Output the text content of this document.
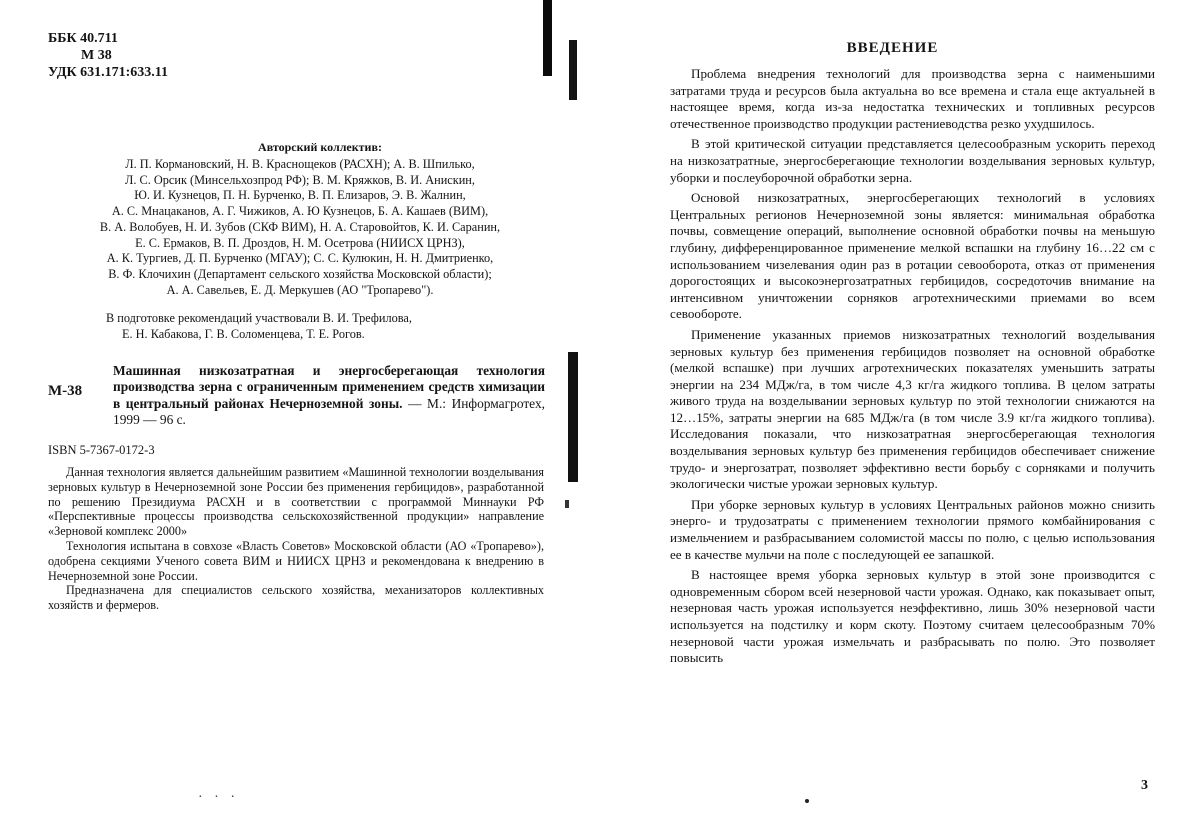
ББК 40.711
М 38
УДК 631.171:633.11
Авторский коллектив:
Л. П. Кормановский, Н. В. Краснощеков (РАСХН); А. В. Шпилько,
Л. С. Орсик (Минсельхозпрод РФ); В. М. Кряжков, В. И. Анискин,
Ю. И. Кузнецов, П. Н. Бурченко, В. П. Елизаров, Э. В. Жалнин,
А. С. Мнацаканов, А. Г. Чижиков, А. Ю Кузнецов, Б. А. Кашаев (ВИМ),
В. А. Волобуев, Н. И. Зубов (СКФ ВИМ), Н. А. Старовойтов, К. И. Саранин,
Е. С. Ермаков, В. П. Дроздов, Н. М. Осетрова (НИИСХ ЦРНЗ),
А. К. Тургиев, Д. П. Бурченко (МГАУ); С. С. Кулюкин, Н. Н. Дмитриенко,
В. Ф. Клочихин (Департамент сельского хозяйства Московской области);
А. А. Савельев, Е. Д. Меркушев (АО "Тропарево").
В подготовке рекомендаций участвовали В. И. Трефилова,
Е. Н. Кабакова, Г. В. Соломенцева, Т. Е. Рогов.
М-38
Машинная низкозатратная и энергосберегающая технология производства зерна с ограниченным применением средств химизации в центральный районах Нечерноземной зоны. — М.: Информагротех, 1999 — 96 с.
ISBN 5-7367-0172-3

Данная технология является дальнейшим развитием «Машинной технологии возделывания зерновых культур в Нечерноземной зоне России без применения гербицидов», разработанной по решению Президиума РАСХН и в соответствии с программой Миннауки РФ «Перспективные процессы производства сельскохозяйственной продукции» направление «Зерновой комплекс 2000»

Технология испытана в совхозе «Власть Советов» Московской области (АО «Тропарево»), одобрена секциями Ученого совета ВИМ и НИИСХ ЦРНЗ и рекомендована к внедрению в Нечерноземной зоне России.

Предназначена для специалистов сельского хозяйства, механизаторов коллективных хозяйств и фермеров.

· · ·
ВВЕДЕНИЕ

Проблема внедрения технологий для производства зерна с наименьшими затратами труда и ресурсов была актуальна во все времена и стала еще актуальней в настоящее время, когда из-за недостатка технических и топливных ресурсов отечественное производство продукции растениеводства резко ухудшилось.

В этой критической ситуации представляется целесообразным ускорить переход на низкозатратные, энергосберегающие технологии возделывания зерновых культур, уборки и послеуборочной обработки зерна.

Основой низкозатратных, энергосберегающих технологий в условиях Центральных регионов Нечерноземной зоны является: минимальная обработка почвы, совмещение операций, выполнение основной обработки почвы на меньшую глубину, дифференцированное применение мелкой вспашки на глубину 16…22 см с использованием чизелевания один раз в ротации севооборота, отказ от применения дорогостоящих и высокоэнергозатратных гербицидов, сосредоточив внимание на интенсивном уничтожении сорняков агротехническими приемами во всем севообороте.

Применение указанных приемов низкозатратных технологий возделывания зерновых культур без применения гербицидов позволяет на основной обработке (мелкой вспашке) при лучших агротехнических показателях уменьшить затраты энергии на 234 МДж/га, в том числе 4,3 кг/га жидкого топлива. В целом затраты живого труда на возделывании зерновых культур по этой технологии снижаются на 12…15%, затраты энергии на 685 МДж/га (в том числе 3.9 кг/га жидкого топлива). Исследования показали, что низкозатратная энергосберегающая технология возделывания зерновых культур без применения гербицидов обеспечивает снижение трудо- и энергозатрат, позволяет эффективно вести борьбу с сорняками и получить экологически чистые урожаи зерновых культур.

При уборке зерновых культур в условиях Центральных районов можно снизить энерго- и трудозатраты с применением технологии прямого комбайнирования с измельчением и разбрасыванием соломистой массы по полю, с целью использования ее в качестве мульчи на поле с последующей ее запашкой.

В настоящее время уборка зерновых культур в этой зоне производится с одновременным сбором всей незерновой части урожая. Однако, как показывает опыт, незерновая часть урожая используется неэффективно, лишь 30% незерновой части используется на подстилку и корм скоту. Поэтому считаем целесообразным 70% незерновой части урожая измельчать и разбрасывать по полю. Это позволяет повысить

3
